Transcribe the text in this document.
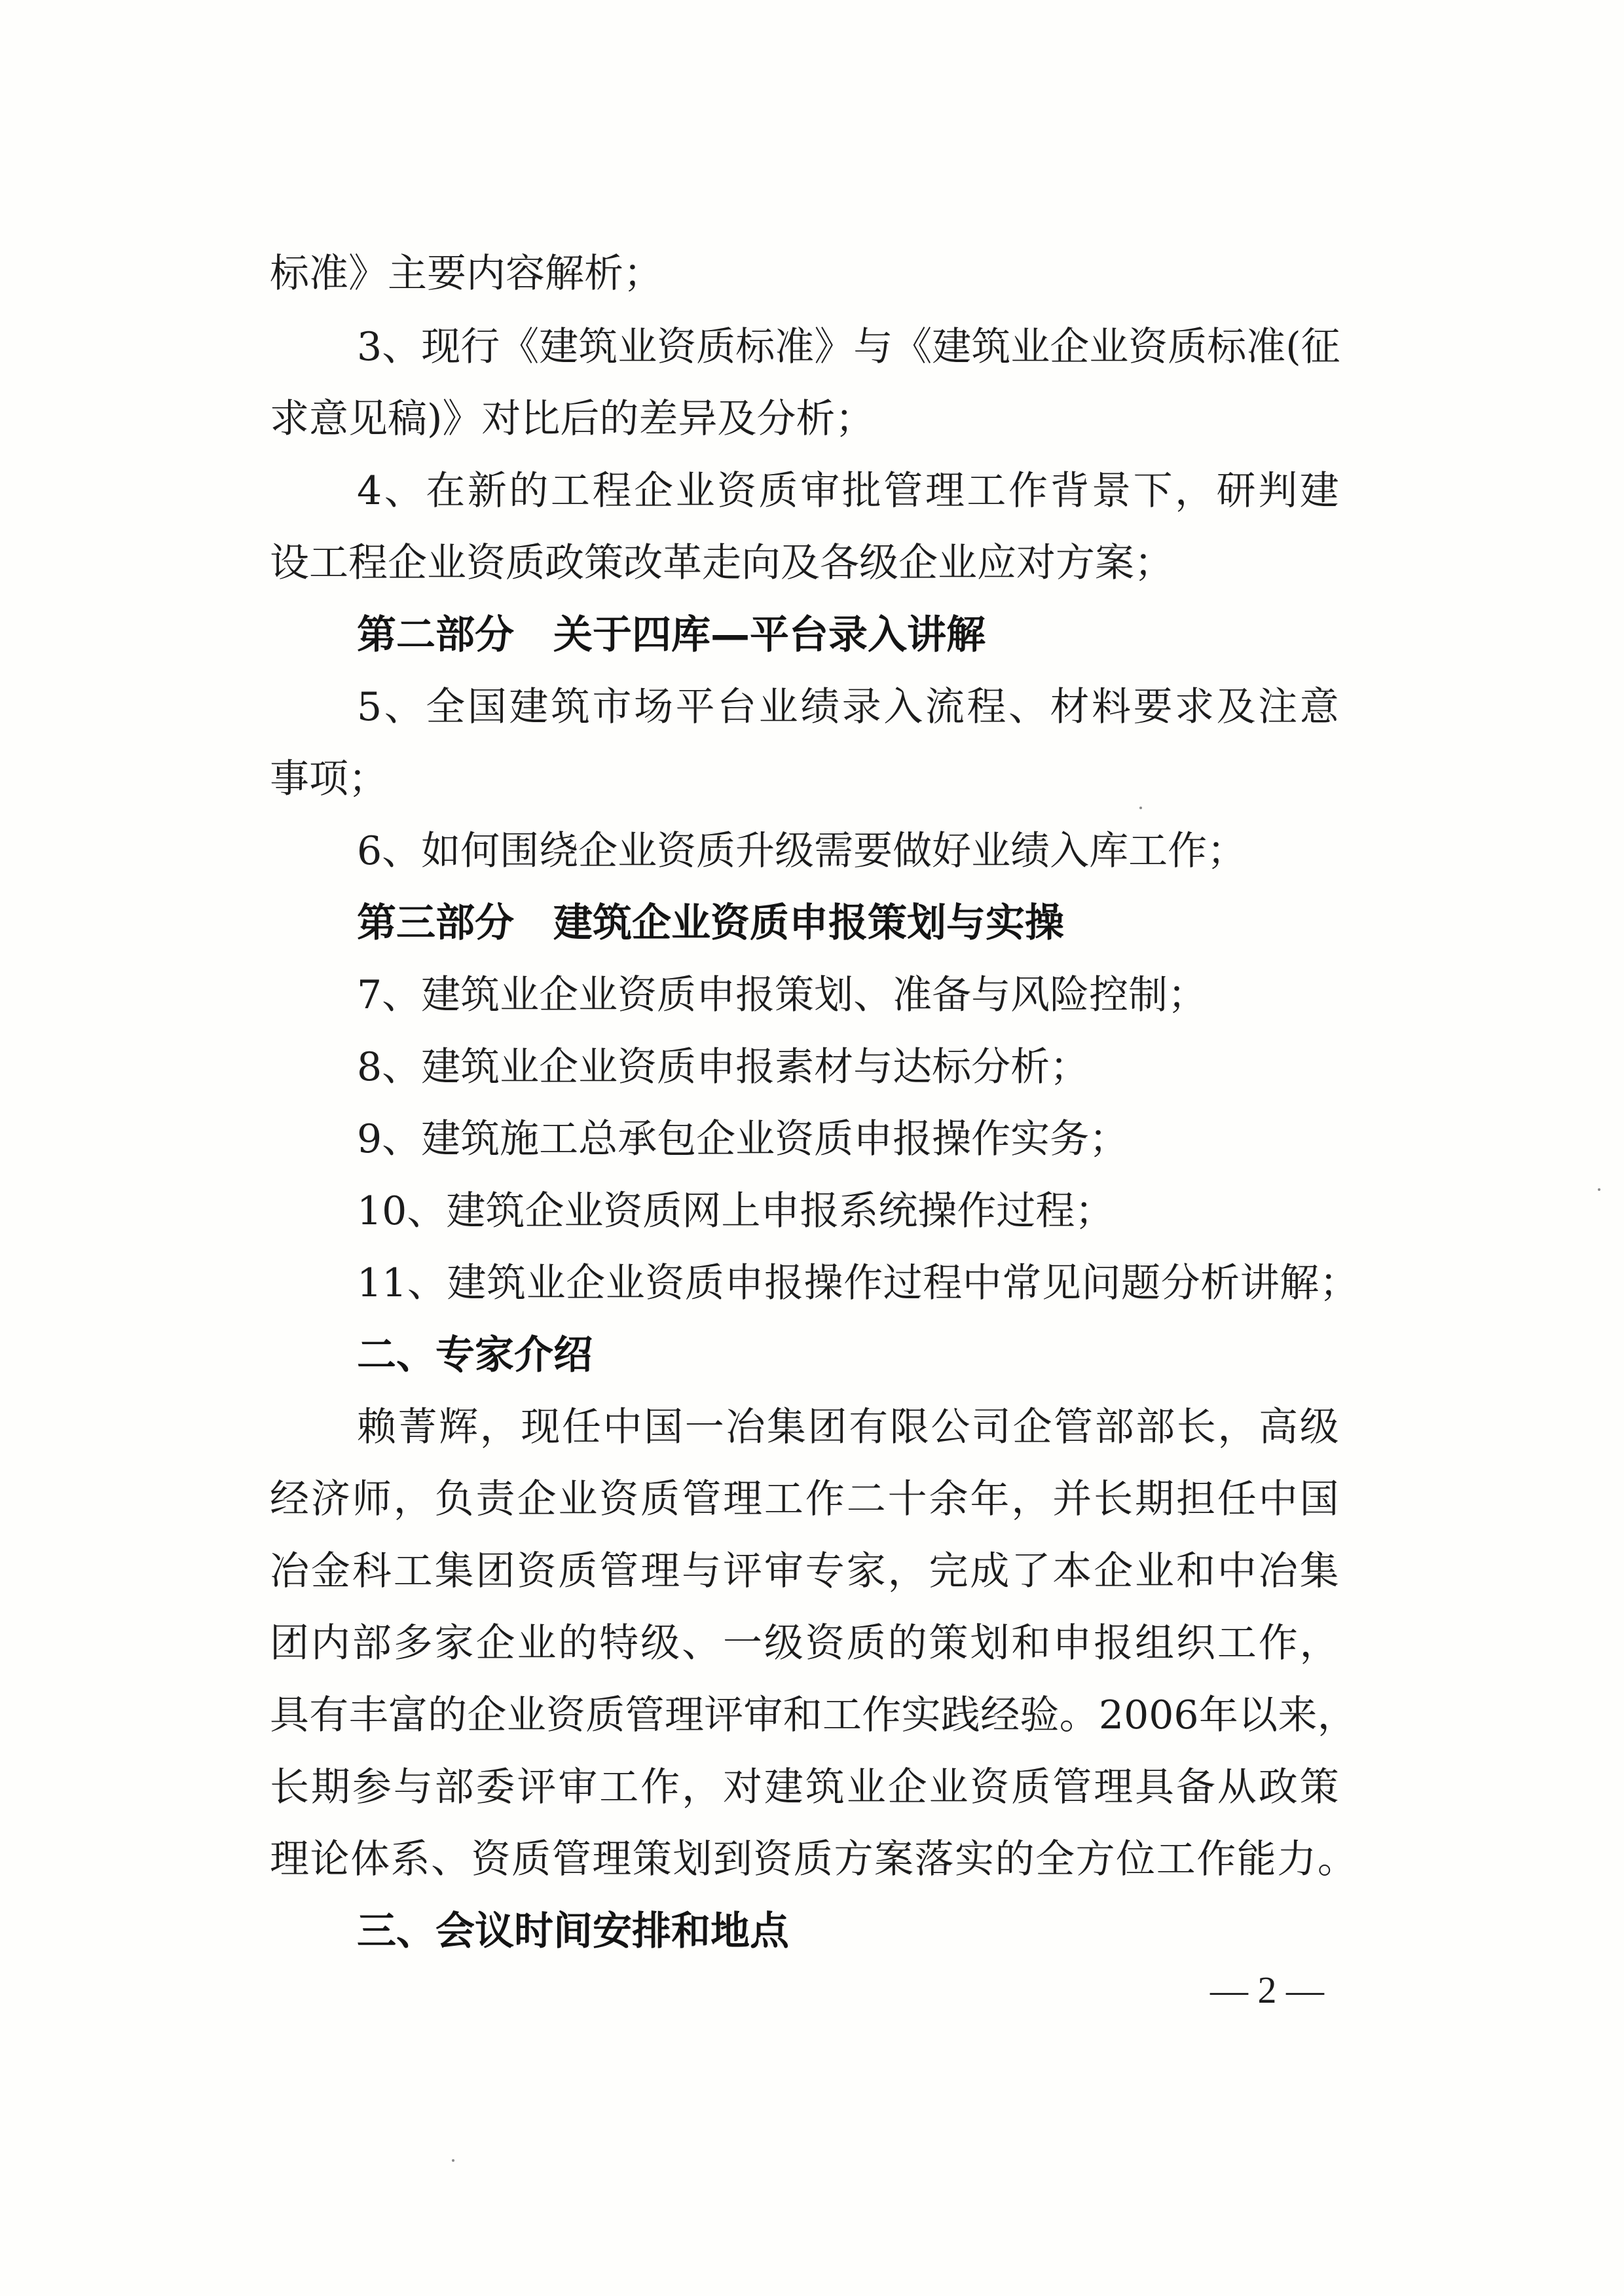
标准》主要内容解析；
3 、 现 行 《 建 筑 业 资 质 标 准 》 与 《 建 筑 业 企 业 资 质 标 准 ( 征
求意见稿)》对比后的差异及分析；
4 、 在 新 的 工 程 企 业 资 质 审 批 管 理 工 作 背 景 下 ， 研 判 建
设工程企业资质政策改革走向及各级企业应对方案；
第二部分　关于四库—平台录入讲解
5 、 全 国 建 筑 市 场 平 台 业 绩 录 入 流 程 、 材 料 要 求 及 注 意
事项；
6、如何围绕企业资质升级需要做好业绩入库工作；
第三部分　建筑企业资质申报策划与实操
7、建筑业企业资质申报策划、准备与风险控制；
8、建筑业企业资质申报素材与达标分析；
9、建筑施工总承包企业资质申报操作实务；
10、建筑企业资质网上申报系统操作过程；
11 、 建 筑 业 企 业 资 质 申 报 操 作 过 程 中 常 见 问 题 分 析 讲 解 ；
二、专家介绍
赖 菁 辉 ， 现 任 中 国 一 冶 集 团 有 限 公 司 企 管 部 部 长 ， 高 级
经 济 师 ， 负 责 企 业 资 质 管 理 工 作 二 十 余 年 ， 并 长 期 担 任 中 国
冶 金 科 工 集 团 资 质 管 理 与 评 审 专 家 ， 完 成 了 本 企 业 和 中 冶 集
团 内 部 多 家 企 业 的 特 级 、 一 级 资 质 的 策 划 和 申 报 组 织 工 作 ，
具 有 丰 富 的 企 业 资 质 管 理 评 审 和 工 作 实 践 经 验 。 2006 年 以 来 ，
长 期 参 与 部 委 评 审 工 作 ， 对 建 筑 业 企 业 资 质 管 理 具 备 从 政 策
理 论 体 系 、 资 质 管 理 策 划 到 资 质 方 案 落 实 的 全 方 位 工 作 能 力 。
三、会议时间安排和地点
— 2 —
